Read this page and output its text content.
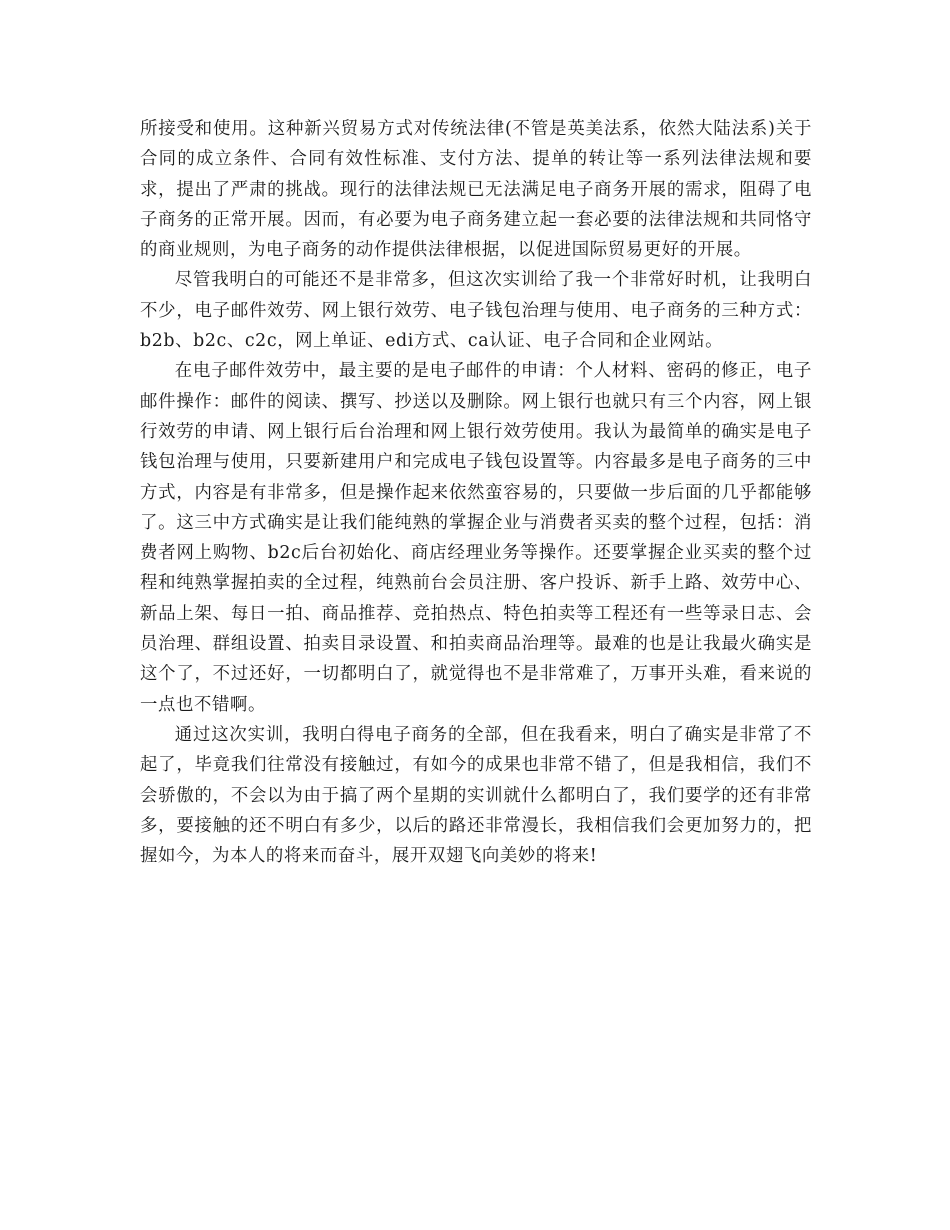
所接受和使用。这种新兴贸易方式对传统法律(不管是英美法系，依然大陆法系)关于合同的成立条件、合同有效性标准、支付方法、提单的转让等一系列法律法规和要求，提出了严肃的挑战。现行的法律法规已无法满足电子商务开展的需求，阻碍了电子商务的正常开展。因而，有必要为电子商务建立起一套必要的法律法规和共同恪守的商业规则，为电子商务的动作提供法律根据，以促进国际贸易更好的开展。

尽管我明白的可能还不是非常多，但这次实训给了我一个非常好时机，让我明白不少，电子邮件效劳、网上银行效劳、电子钱包治理与使用、电子商务的三种方式：b2b、b2c、c2c，网上单证、edi方式、ca认证、电子合同和企业网站。

在电子邮件效劳中，最主要的是电子邮件的申请：个人材料、密码的修正，电子邮件操作：邮件的阅读、撰写、抄送以及删除。网上银行也就只有三个内容，网上银行效劳的申请、网上银行后台治理和网上银行效劳使用。我认为最简单的确实是电子钱包治理与使用，只要新建用户和完成电子钱包设置等。内容最多是电子商务的三中方式，内容是有非常多，但是操作起来依然蛮容易的，只要做一步后面的几乎都能够了。这三中方式确实是让我们能纯熟的掌握企业与消费者买卖的整个过程，包括：消费者网上购物、b2c后台初始化、商店经理业务等操作。还要掌握企业买卖的整个过程和纯熟掌握拍卖的全过程，纯熟前台会员注册、客户投诉、新手上路、效劳中心、新品上架、每日一拍、商品推荐、竞拍热点、特色拍卖等工程还有一些等录日志、会员治理、群组设置、拍卖目录设置、和拍卖商品治理等。最难的也是让我最火确实是这个了，不过还好，一切都明白了，就觉得也不是非常难了，万事开头难，看来说的一点也不错啊。

通过这次实训，我明白得电子商务的全部，但在我看来，明白了确实是非常了不起了，毕竟我们往常没有接触过，有如今的成果也非常不错了，但是我相信，我们不会骄傲的，不会以为由于搞了两个星期的实训就什么都明白了，我们要学的还有非常多，要接触的还不明白有多少，以后的路还非常漫长，我相信我们会更加努力的，把握如今，为本人的将来而奋斗，展开双翅飞向美妙的将来!
